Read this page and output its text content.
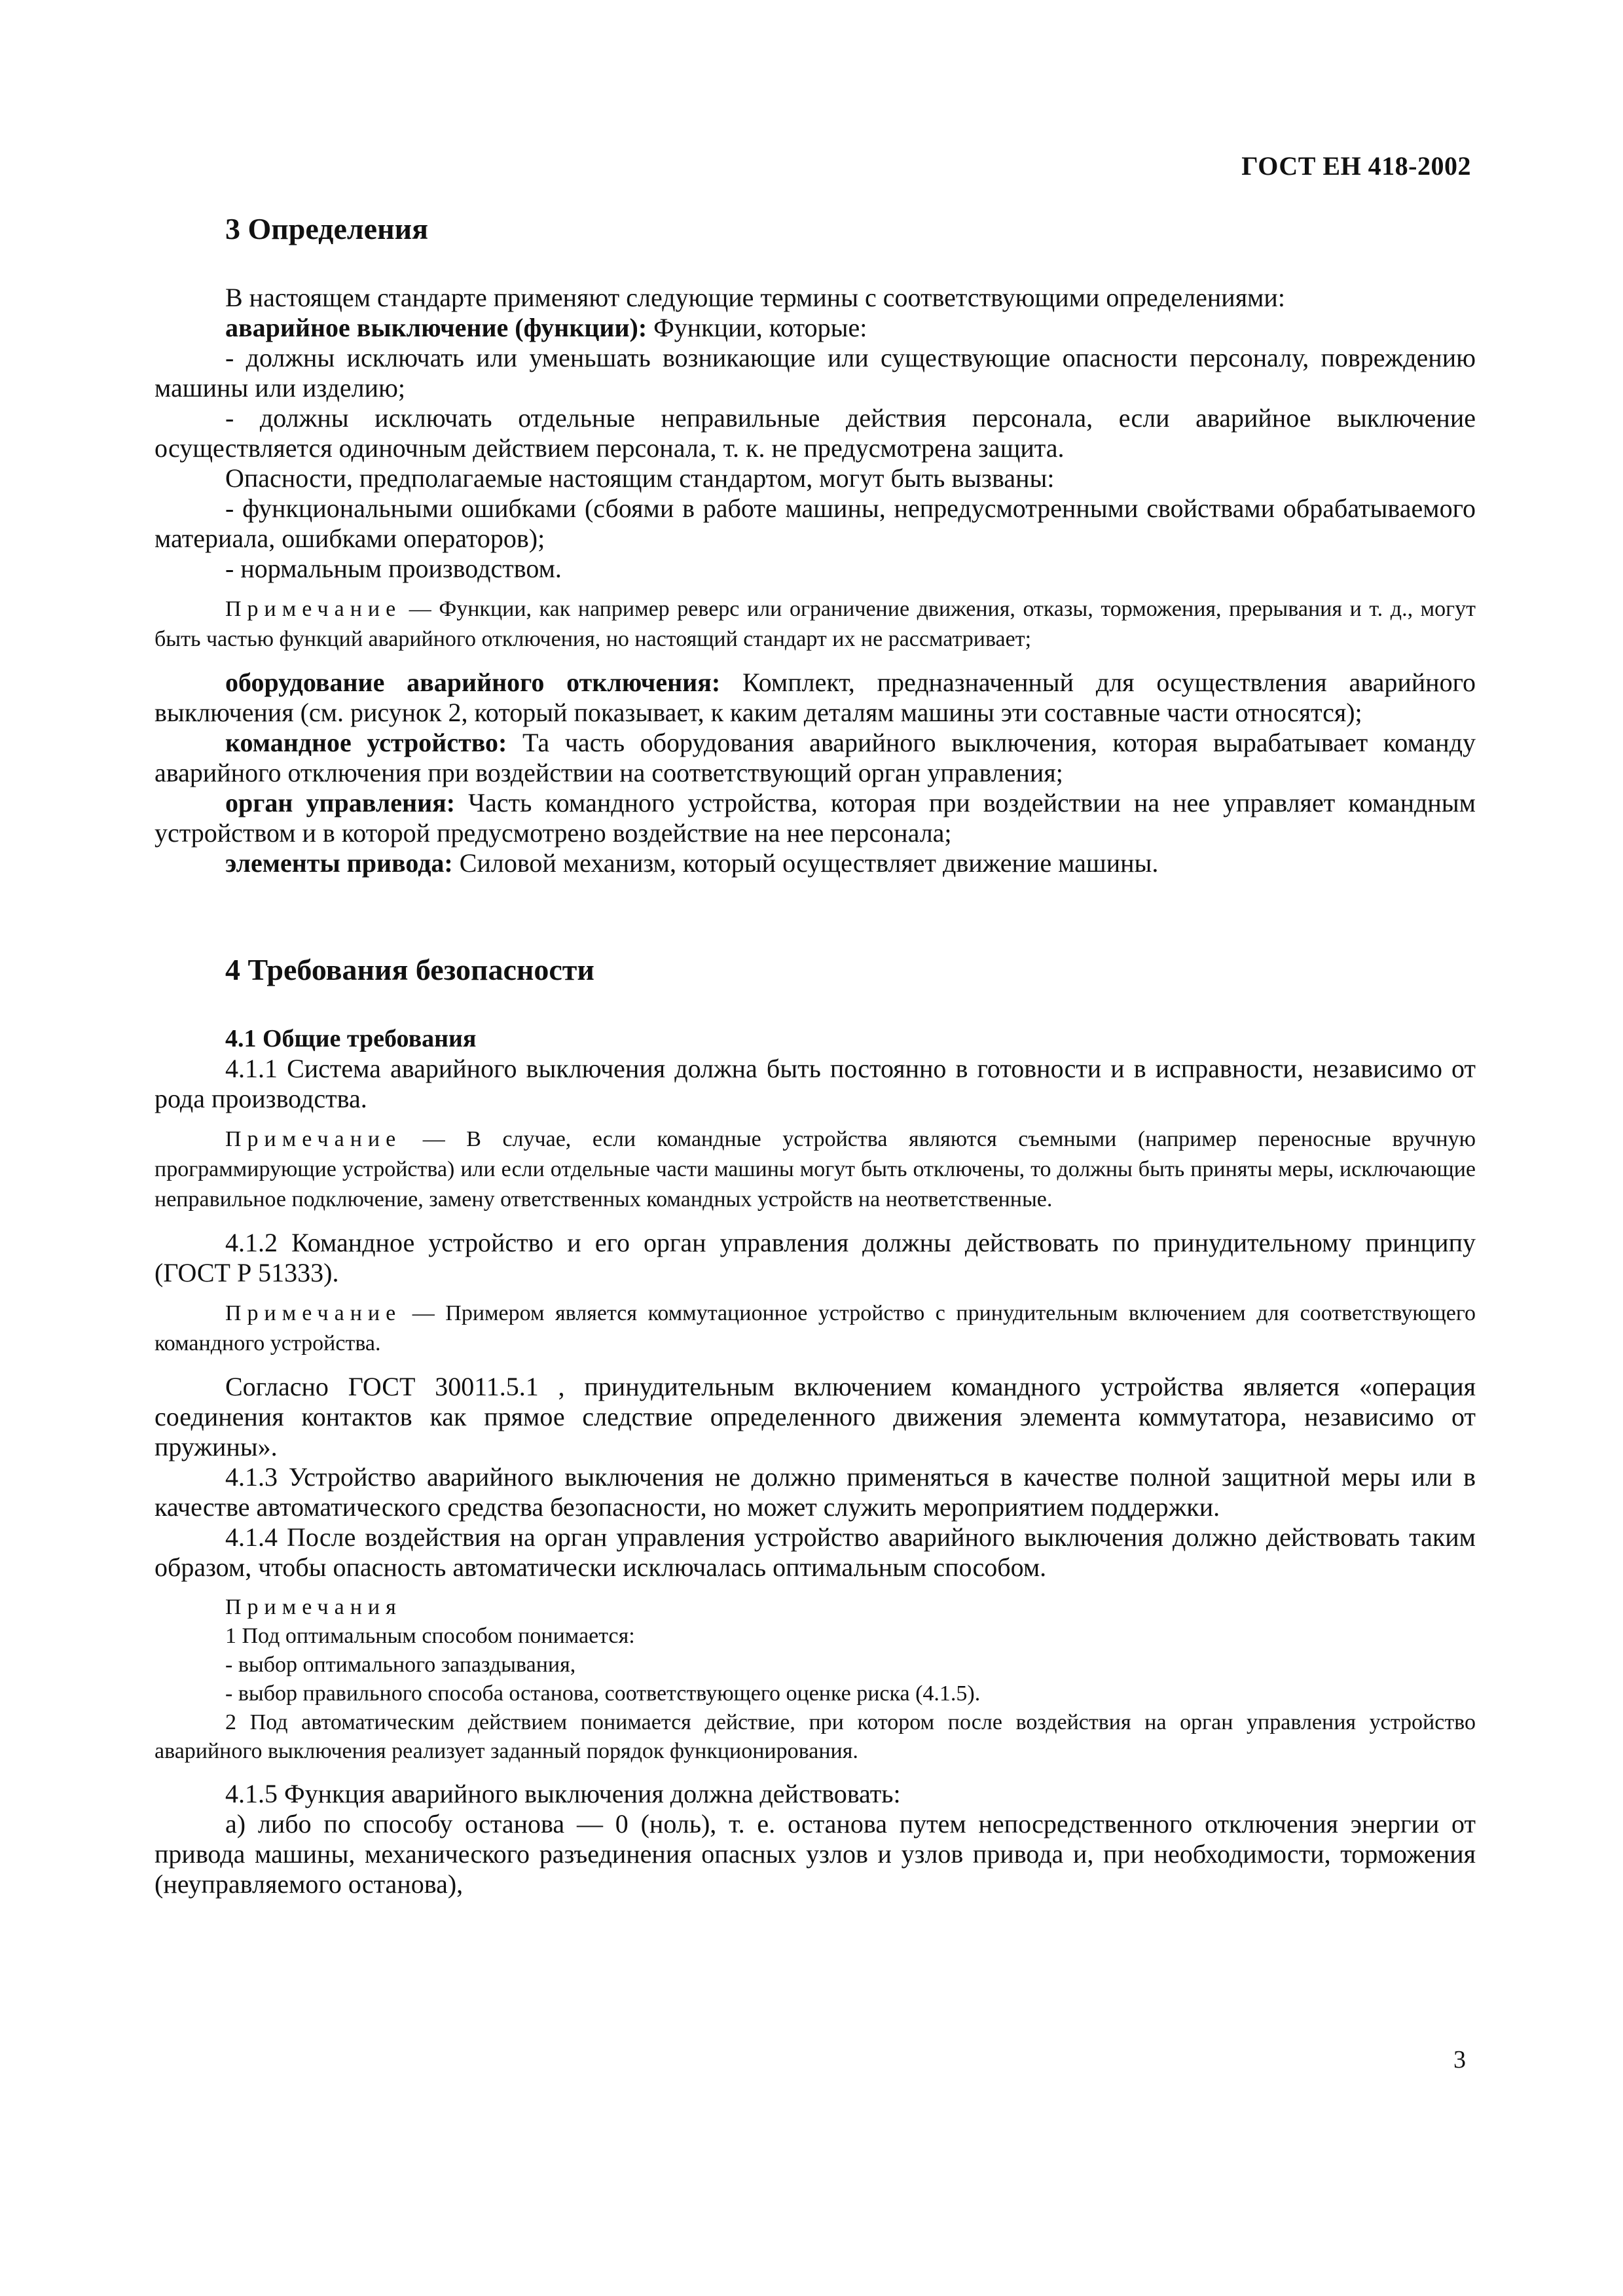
ГОСТ ЕН 418-2002
3 Определения

В настоящем стандарте применяют следующие термины с соответствующими определениями:

аварийное выключение (функции): Функции, которые:

- должны исключать или уменьшать возникающие или существующие опасности персоналу, повреждению машины или изделию;

- должны исключать отдельные неправильные действия персонала, если аварийное выключение осуществляется одиночным действием персонала, т. к. не предусмотрена защита.

Опасности, предполагаемые настоящим стандартом, могут быть вызваны:

- функциональными ошибками (сбоями в работе машины, непредусмотренными свойствами обрабатываемого материала, ошибками операторов);

- нормальным производством.

Примечание — Функции, как например реверс или ограничение движения, отказы, торможения, прерывания и т. д., могут быть частью функций аварийного отключения, но настоящий стандарт их не рассматривает;

оборудование аварийного отключения: Комплект, предназначенный для осуществления аварийного выключения (см. рисунок 2, который показывает, к каким деталям машины эти составные части относятся);

командное устройство: Та часть оборудования аварийного выключения, которая вырабатывает команду аварийного отключения при воздействии на соответствующий орган управления;

орган управления: Часть командного устройства, которая при воздействии на нее управляет командным устройством и в которой предусмотрено воздействие на нее персонала;

элементы привода: Силовой механизм, который осуществляет движение машины.

4 Требования безопасности
4.1 Общие требования

4.1.1 Система аварийного выключения должна быть постоянно в готовности и в исправности, независимо от рода производства.

Примечание — В случае, если командные устройства являются съемными (например переносные вручную программирующие устройства) или если отдельные части машины могут быть отключены, то должны быть приняты меры, исключающие неправильное подключение, замену ответственных командных устройств на неответственные.

4.1.2 Командное устройство и его орган управления должны действовать по принудительному принципу (ГОСТ Р 51333).

Примечание — Примером является коммутационное устройство с принудительным включением для соответствующего командного устройства.

Согласно ГОСТ 30011.5.1 , принудительным включением командного устройства является «операция соединения контактов как прямое следствие определенного движения элемента коммутатора, независимо от пружины».

4.1.3 Устройство аварийного выключения не должно применяться в качестве полной защитной меры или в качестве автоматического средства безопасности, но может служить мероприятием поддержки.

4.1.4 После воздействия на орган управления устройство аварийного выключения должно действовать таким образом, чтобы опасность автоматически исключалась оптимальным способом.

Примечания

1 Под оптимальным способом понимается:

- выбор оптимального запаздывания,

- выбор правильного способа останова, соответствующего оценке риска (4.1.5).

2 Под автоматическим действием понимается действие, при котором после воздействия на орган управления устройство аварийного выключения реализует заданный порядок функционирования.

4.1.5 Функция аварийного выключения должна действовать:

а) либо по способу останова — 0 (ноль), т. е. останова путем непосредственного отключения энергии от привода машины, механического разъединения опасных узлов и узлов привода и, при необходимости, торможения (неуправляемого останова),

3
